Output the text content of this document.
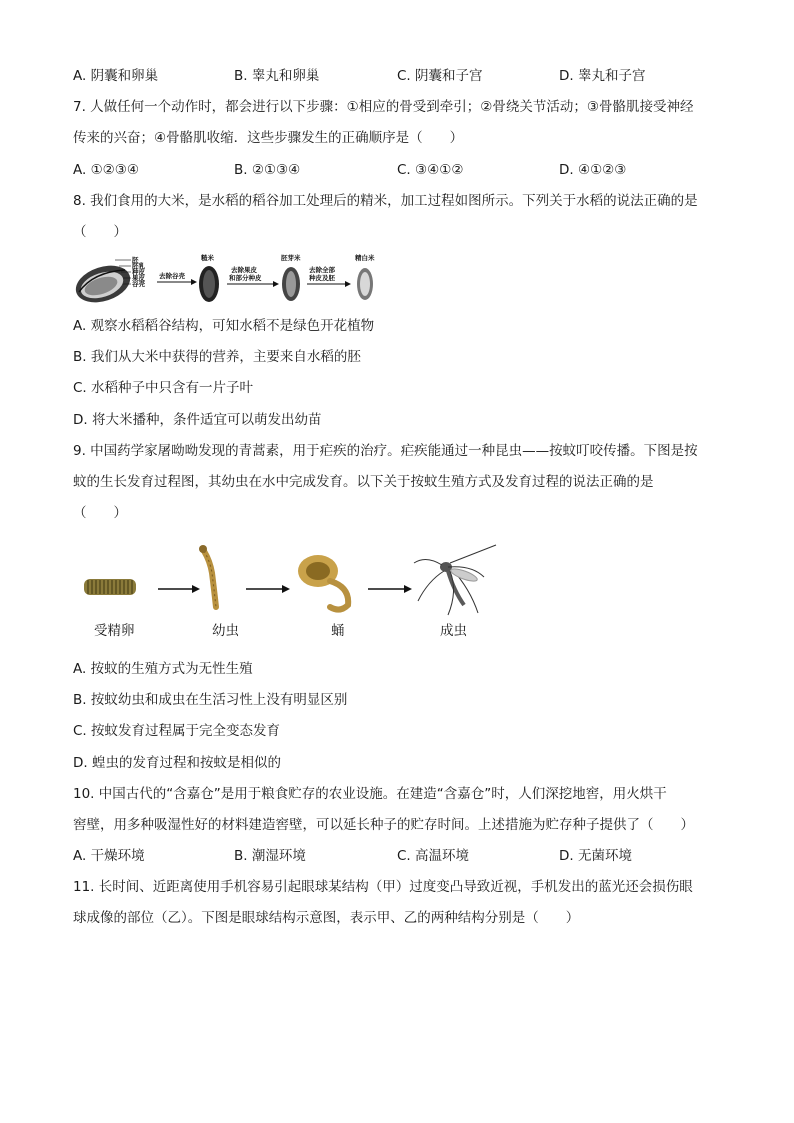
A. 阴囊和卵巢	B. 睾丸和卵巢	C. 阴囊和子宫	D. 睾丸和子宫
7. 人做任何一个动作时，都会进行以下步骤：①相应的骨受到牵引；②骨绕关节活动；③骨骼肌接受神经
传来的兴奋；④骨骼肌收缩．这些步骤发生的正确顺序是（　　）
A. ①②③④	B. ②①③④	C. ③④①②	D. ④①②③
8. 我们食用的大米，是水稻的稻谷加工处理后的精米，加工过程如图所示。下列关于水稻的说法正确的是
（　　）
胚
胚乳
种皮
果皮
谷壳
去除谷壳
糙米
去除果皮
和部分种皮
胚芽米
去除全部
种皮及胚
精白米
A. 观察水稻稻谷结构，可知水稻不是绿色开花植物
B. 我们从大米中获得的营养，主要来自水稻的胚
C. 水稻种子中只含有一片子叶
D. 将大米播种，条件适宜可以萌发出幼苗
9. 中国药学家屠呦呦发现的青蒿素，用于疟疾的治疗。疟疾能通过一种昆虫——按蚊叮咬传播。下图是按
蚊的生长发育过程图，其幼虫在水中完成发育。以下关于按蚊生殖方式及发育过程的说法正确的是
（　　）
受精卵	幼虫	蛹	成虫
A. 按蚊的生殖方式为无性生殖
B. 按蚊幼虫和成虫在生活习性上没有明显区别
C. 按蚊发育过程属于完全变态发育
D. 蝗虫的发育过程和按蚊是相似的
10. 中国古代的“含嘉仓”是用于粮食贮存的农业设施。在建造“含嘉仓”时，人们深挖地窖，用火烘干
窖壁，用多种吸湿性好的材料建造窖壁，可以延长种子的贮存时间。上述措施为贮存种子提供了（　　）
A. 干燥环境	B. 潮湿环境	C. 高温环境	D. 无菌环境
11. 长时间、近距离使用手机容易引起眼球某结构（甲）过度变凸导致近视，手机发出的蓝光还会损伤眼
球成像的部位（乙）。下图是眼球结构示意图，表示甲、乙的两种结构分别是（　　）
